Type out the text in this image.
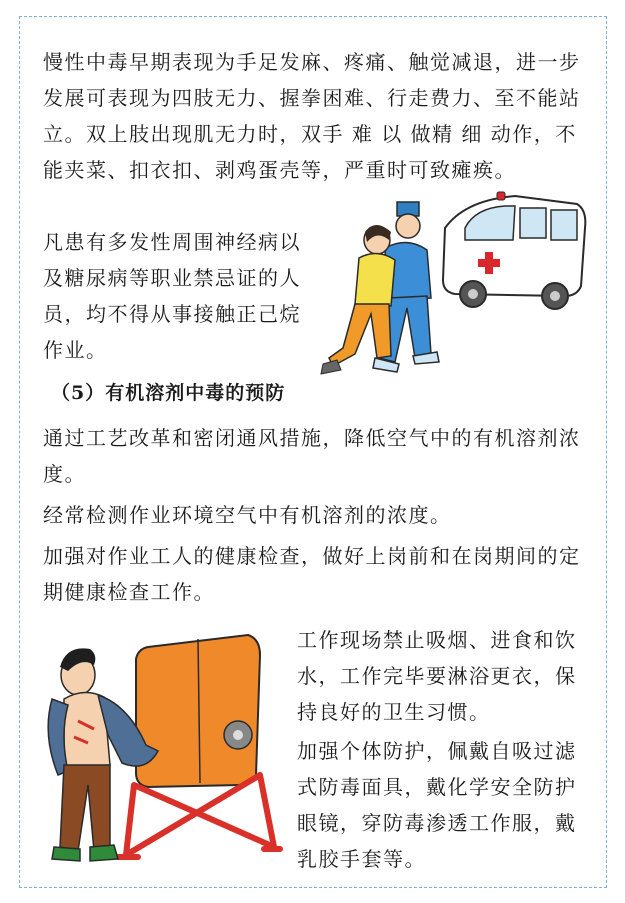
慢性中毒早期表现为手足发麻、疼痛、触觉减退，进一步发展可表现为四肢无力、握拳困难、行走费力、至不能站立。双上肢出现肌无力时，双手 难 以 做精 细 动作，不能夹菜、扣衣扣、剥鸡蛋壳等，严重时可致瘫痪。

凡患有多发性周围神经病以及糖尿病等职业禁忌证的人员，均不得从事接触正己烷作业。

（5）有机溶剂中毒的预防

通过工艺改革和密闭通风措施，降低空气中的有机溶剂浓度。

经常检测作业环境空气中有机溶剂的浓度。

加强对作业工人的健康检查，做好上岗前和在岗期间的定期健康检查工作。

工作现场禁止吸烟、进食和饮水，工作完毕要淋浴更衣，保持良好的卫生习惯。

加强个体防护，佩戴自吸过滤式防毒面具，戴化学安全防护眼镜，穿防毒渗透工作服，戴乳胶手套等。
